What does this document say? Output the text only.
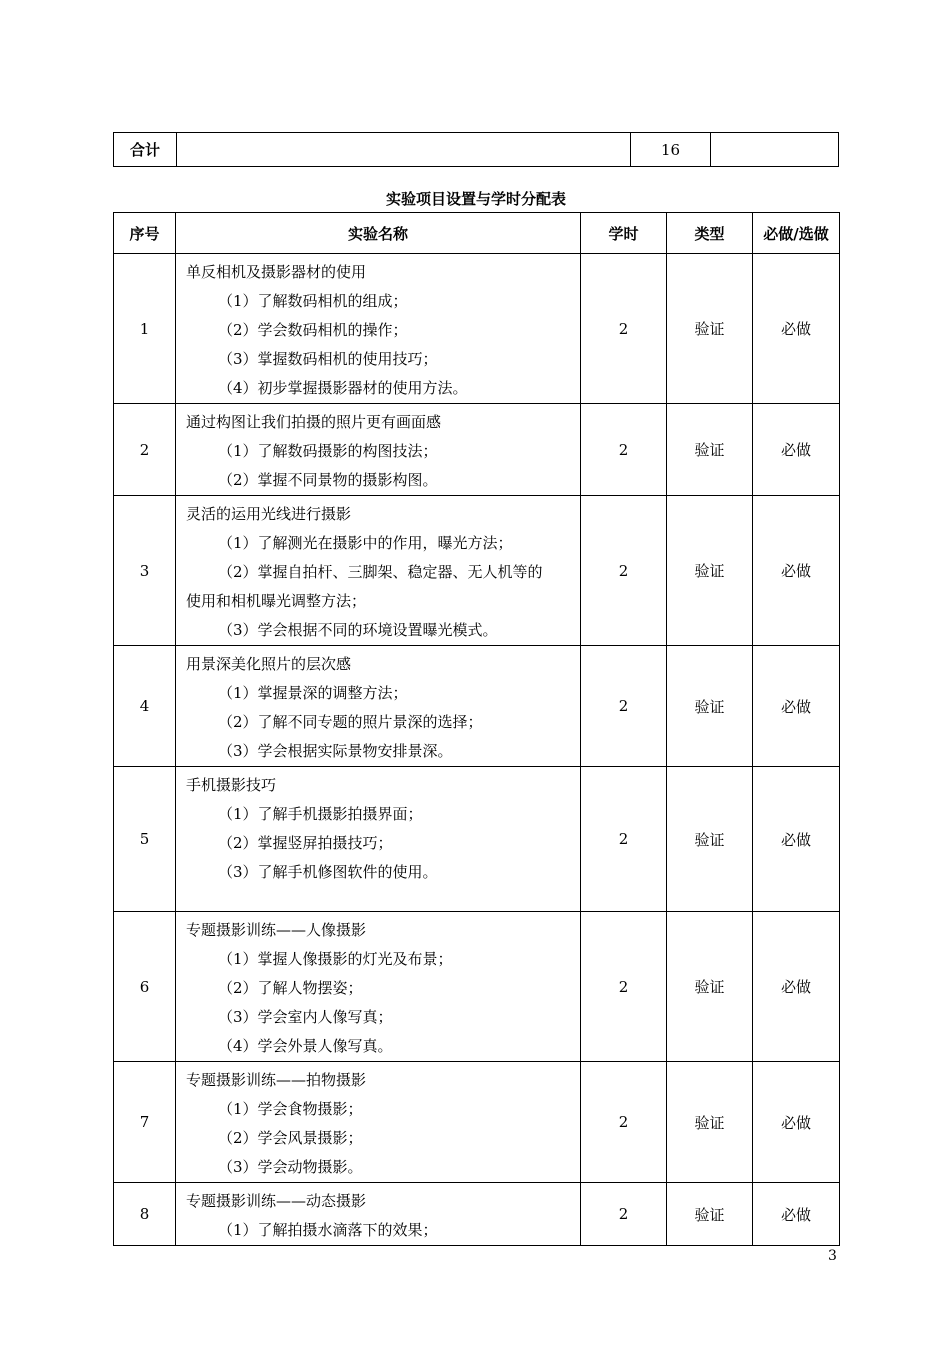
合计		16	
实验项目设置与学时分配表
序号	实验名称	学时	类型	必做/选做
1	单反相机及摄影器材的使用
（1）了解数码相机的组成；
（2）学会数码相机的操作；
（3）掌握数码相机的使用技巧；
（4）初步掌握摄影器材的使用方法。	2	验证	必做
2	通过构图让我们拍摄的照片更有画面感
（1）了解数码摄影的构图技法；
（2）掌握不同景物的摄影构图。	2	验证	必做
3	灵活的运用光线进行摄影
（1）了解测光在摄影中的作用，曝光方法；
（2）掌握自拍杆、三脚架、稳定器、无人机等的
使用和相机曝光调整方法；
（3）学会根据不同的环境设置曝光模式。	2	验证	必做
4	用景深美化照片的层次感
（1）掌握景深的调整方法；
（2）了解不同专题的照片景深的选择；
（3）学会根据实际景物安排景深。	2	验证	必做
5	手机摄影技巧
（1）了解手机摄影拍摄界面；
（2）掌握竖屏拍摄技巧；
（3）了解手机修图软件的使用。	2	验证	必做
6	专题摄影训练——人像摄影
（1）掌握人像摄影的灯光及布景；
（2）了解人物摆姿；
（3）学会室内人像写真；
（4）学会外景人像写真。	2	验证	必做
7	专题摄影训练——拍物摄影
（1）学会食物摄影；
（2）学会风景摄影；
（3）学会动物摄影。	2	验证	必做
8	专题摄影训练——动态摄影
（1）了解拍摄水滴落下的效果；	2	验证	必做
3
